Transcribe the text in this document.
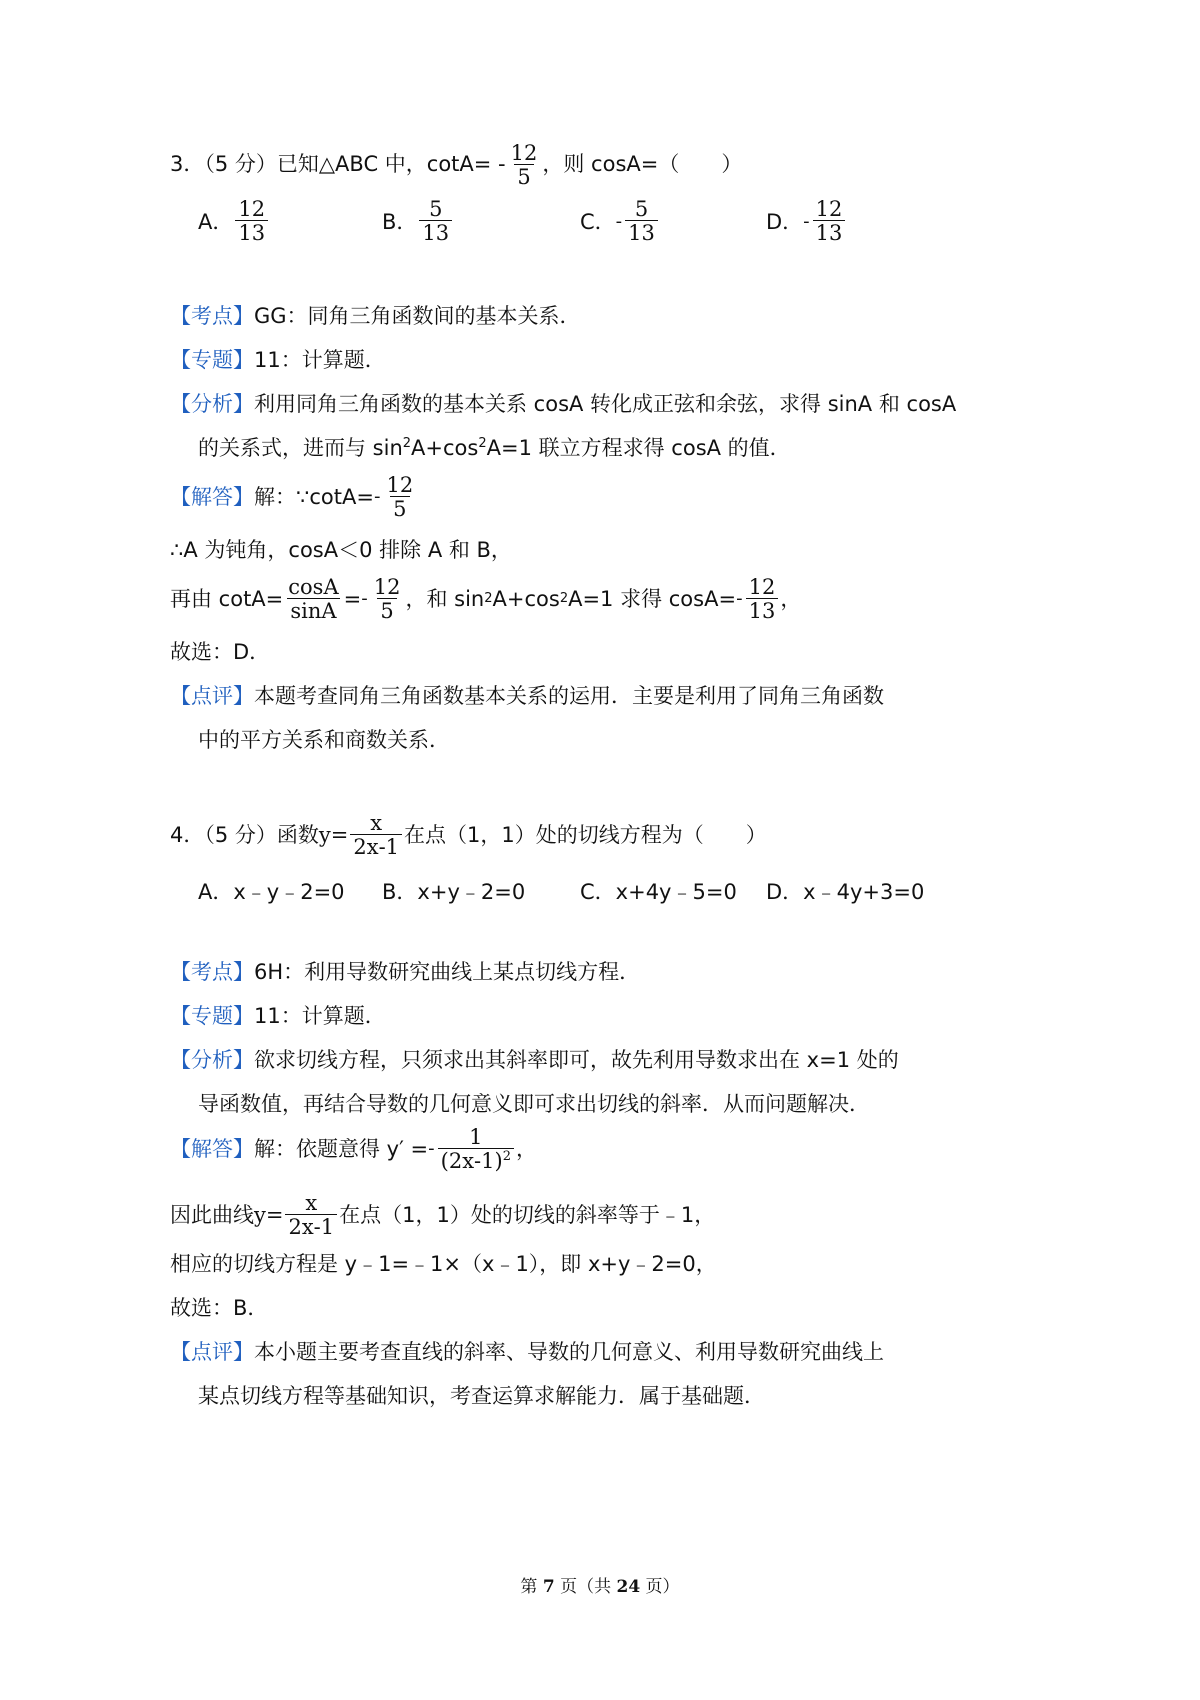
3．（5 分）已知△ABC 中，cotA= ‑ $\frac{12}{5}$ ，则 cosA=（　　）
A． $\frac{12}{13}$	B． $\frac{5}{13}$	C． ‑ $\frac{5}{13}$	D． ‑ $\frac{12}{13}$
【考点】GG：同角三角函数间的基本关系．
【专题】11：计算题．
【分析】利用同角三角函数的基本关系 cosA 转化成正弦和余弦，求得 sinA 和 cosA
的关系式，进而与 $\sin^2A+\cos^2A=1$ 联立方程求得 cosA 的值．
【解答】 解：∵cotA= ‑ $\frac{12}{5}$
∴A 为钝角，cosA＜0 排除 A 和 B，
再由 $\cot A= \frac{\cos A}{\sin A}$ = ‑ $\frac{12}{5}$ ，和 sin 2 A+cos 2 A=1 求得 cosA= ‑ $\frac{12}{13}$ ，
故选：D．
【点评】本题考查同角三角函数基本关系的运用．主要是利用了同角三角函数
中的平方关系和商数关系．
4．（5 分）函数 $y= \frac{x}{2x‑1}$ 在点（1，1）处的切线方程为（　　）
A． x﹣y﹣2=0 B． x+y﹣2=0	C． x+4y﹣5=0 D． x﹣4y+3=0
【考点】6H：利用导数研究曲线上某点切线方程．
【专题】11：计算题．
【分析】欲求切线方程，只须求出其斜率即可，故先利用导数求出在 x=1 处的
导函数值，再结合导数的几何意义即可求出切线的斜率．从而问题解决．
【解答】 解：依题意得 y′ = ‑ $\frac{1}{(2x‑1)^2}$ ，
因此曲线 $y= \frac{x}{2x‑1}$ 在点（1，1）处的切线的斜率等于﹣1，
相应的切线方程是 y﹣1=﹣1×（x﹣1），即 x+y﹣2=0，
故选：B．
【点评】本小题主要考查直线的斜率、导数的几何意义、利用导数研究曲线上
某点切线方程等基础知识，考查运算求解能力．属于基础题．
第 7 页（共 24 页）
